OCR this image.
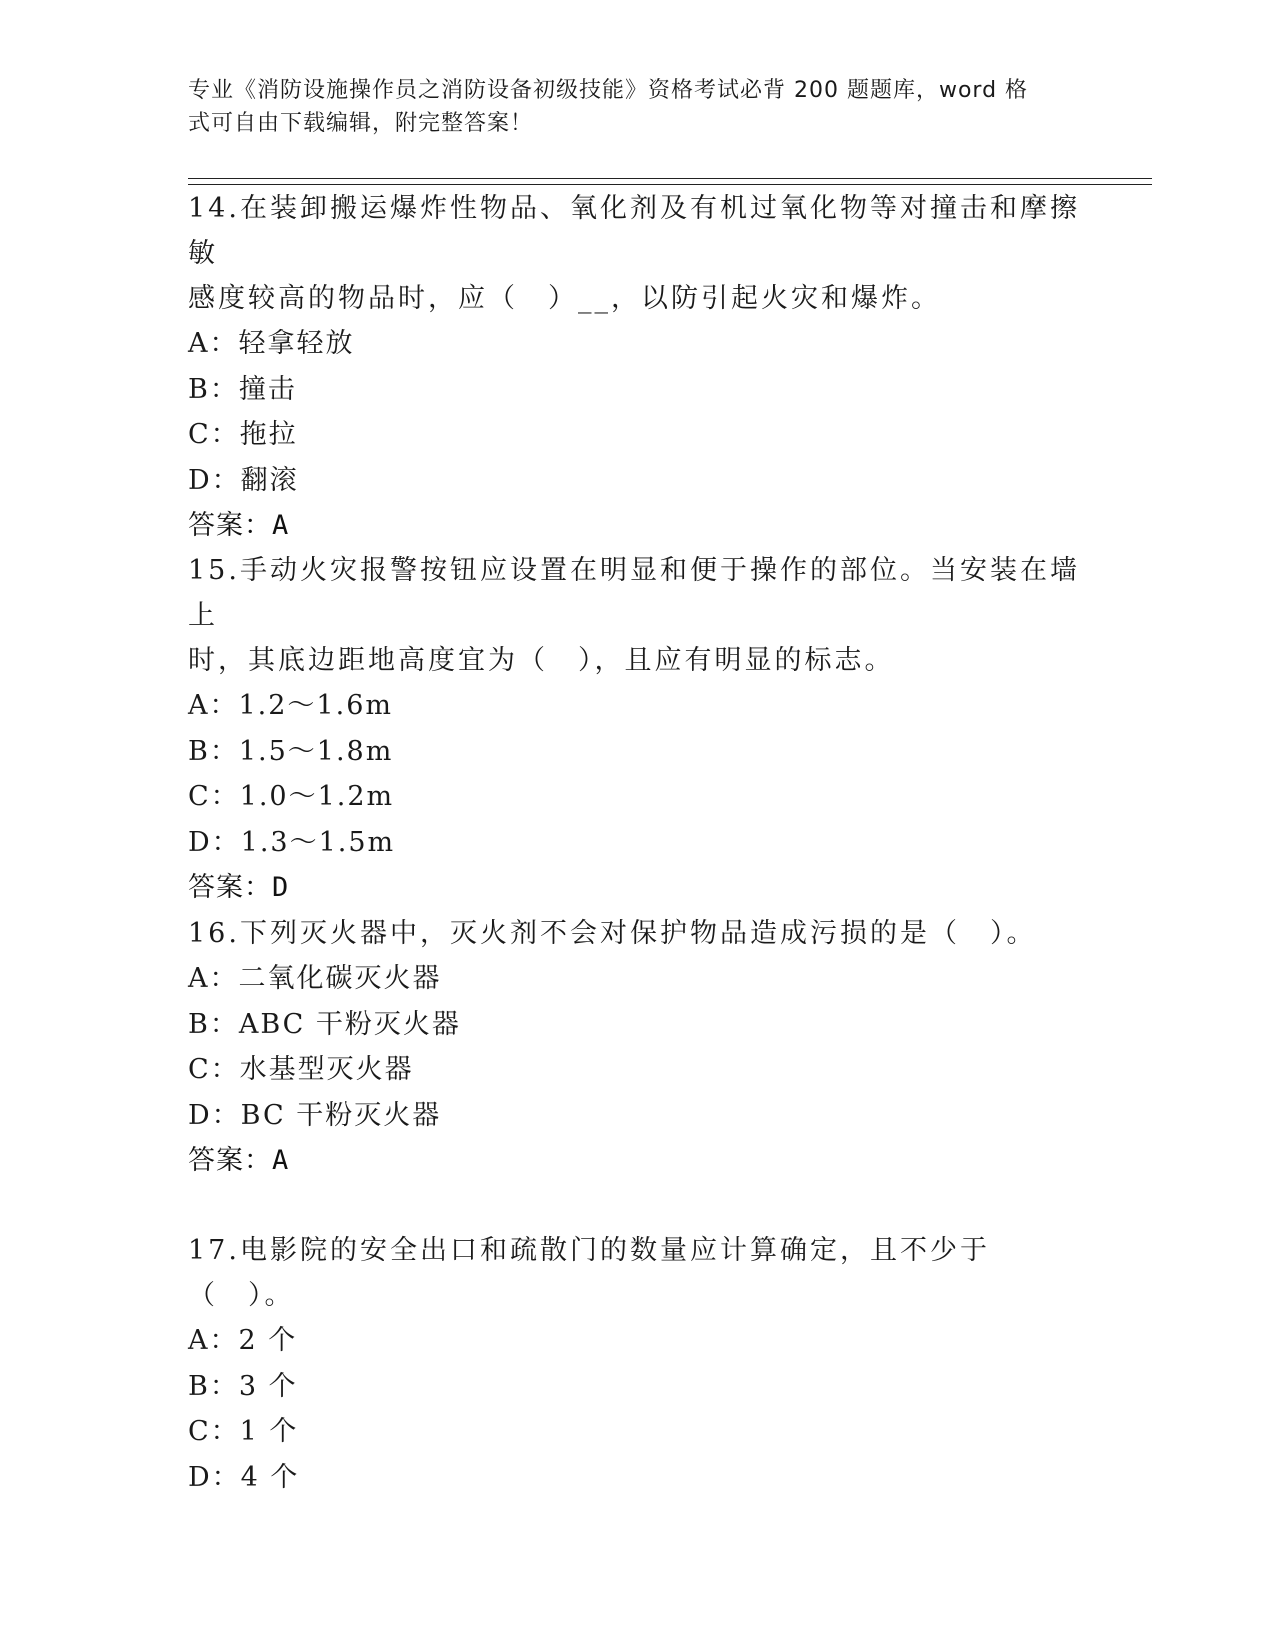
专业《消防设施操作员之消防设备初级技能》资格考试必背 200 题题库，word 格
式可自由下载编辑，附完整答案！
14.在装卸搬运爆炸性物品、氧化剂及有机过氧化物等对撞击和摩擦敏
感度较高的物品时，应（　）__，以防引起火灾和爆炸。
A：轻拿轻放
B：撞击
C：拖拉
D：翻滚
答案：A
15.手动火灾报警按钮应设置在明显和便于操作的部位。当安装在墙上
时，其底边距地高度宜为（　），且应有明显的标志。
A：1.2～1.6m
B：1.5～1.8m
C：1.0～1.2m
D：1.3～1.5m
答案：D
16.下列灭火器中，灭火剂不会对保护物品造成污损的是（　）。
A：二氧化碳灭火器
B：ABC 干粉灭火器
C：水基型灭火器
D：BC 干粉灭火器
答案：A
17.电影院的安全出口和疏散门的数量应计算确定，且不少于（　）。
A：2 个
B：3 个
C：1 个
D：4 个
